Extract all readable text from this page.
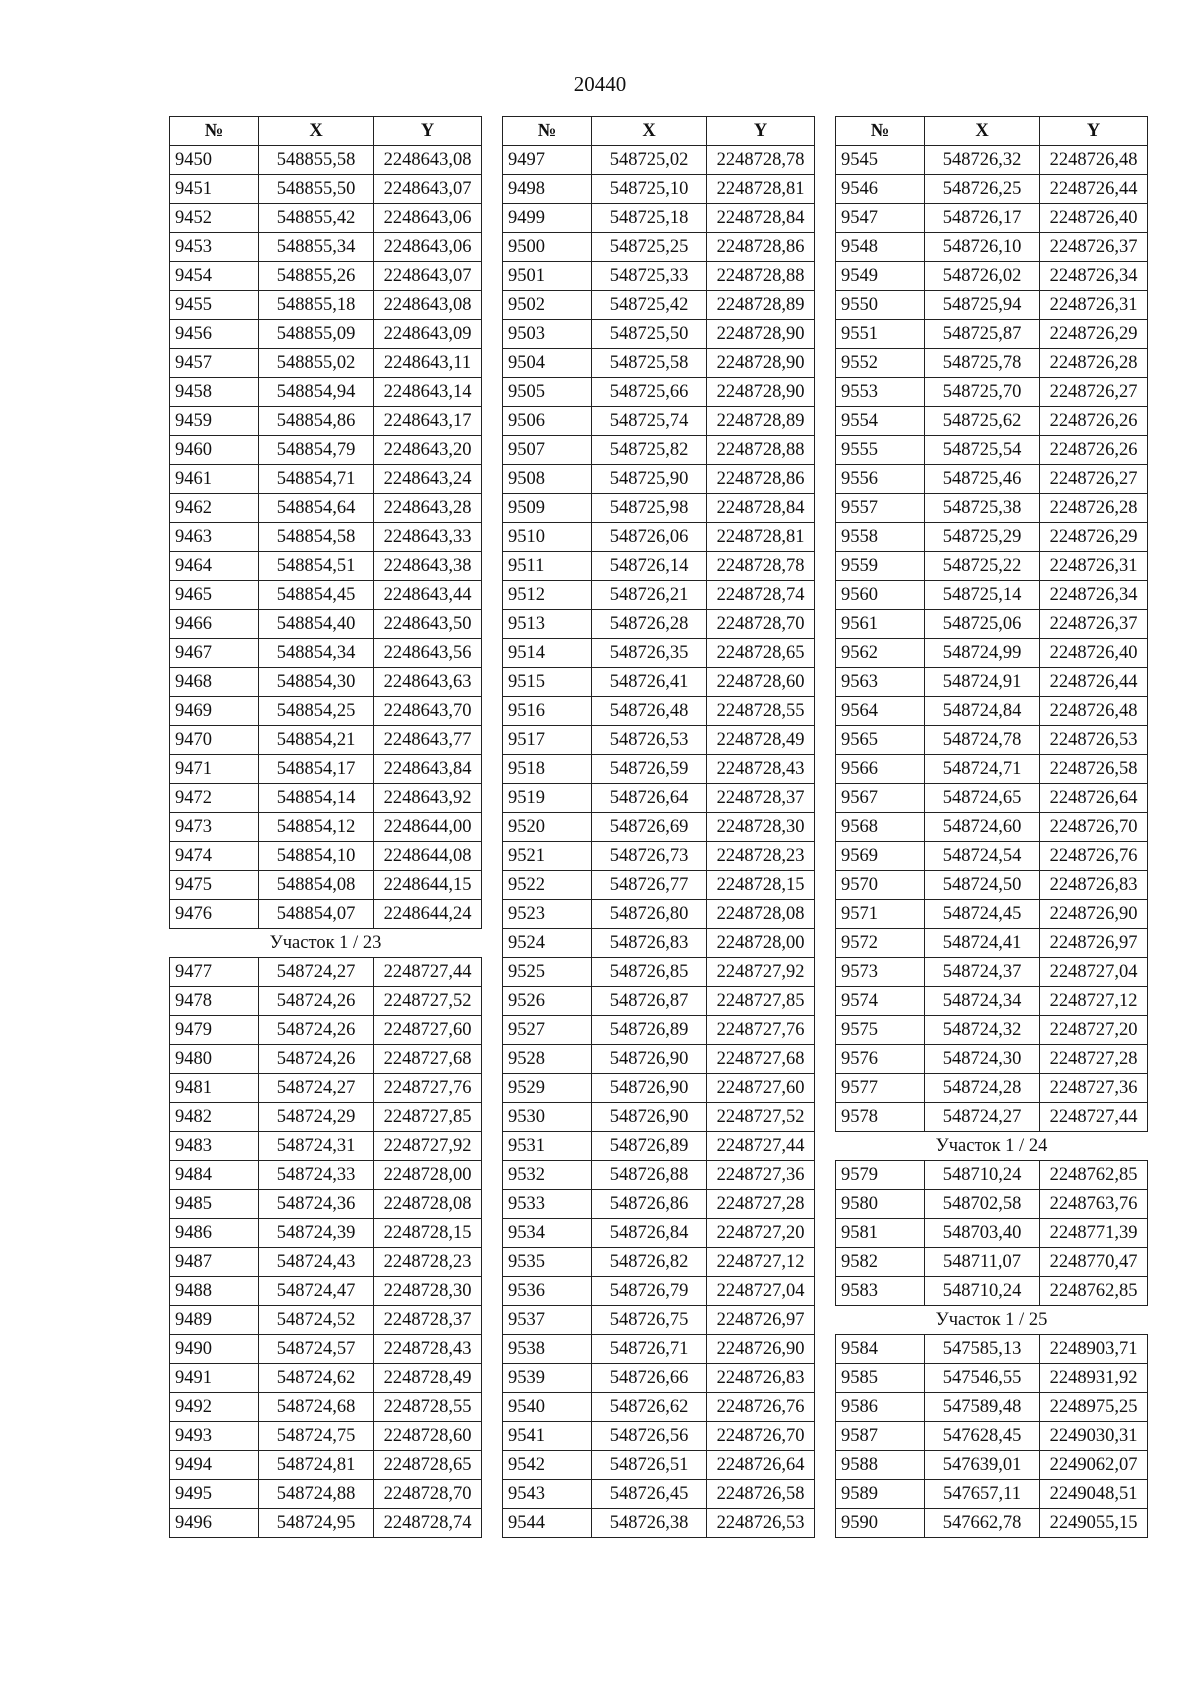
20440
№	X	Y
9450	548855,58	2248643,08
9451	548855,50	2248643,07
9452	548855,42	2248643,06
9453	548855,34	2248643,06
9454	548855,26	2248643,07
9455	548855,18	2248643,08
9456	548855,09	2248643,09
9457	548855,02	2248643,11
9458	548854,94	2248643,14
9459	548854,86	2248643,17
9460	548854,79	2248643,20
9461	548854,71	2248643,24
9462	548854,64	2248643,28
9463	548854,58	2248643,33
9464	548854,51	2248643,38
9465	548854,45	2248643,44
9466	548854,40	2248643,50
9467	548854,34	2248643,56
9468	548854,30	2248643,63
9469	548854,25	2248643,70
9470	548854,21	2248643,77
9471	548854,17	2248643,84
9472	548854,14	2248643,92
9473	548854,12	2248644,00
9474	548854,10	2248644,08
9475	548854,08	2248644,15
9476	548854,07	2248644,24
Участок 1 / 23		
9477	548724,27	2248727,44
9478	548724,26	2248727,52
9479	548724,26	2248727,60
9480	548724,26	2248727,68
9481	548724,27	2248727,76
9482	548724,29	2248727,85
9483	548724,31	2248727,92
9484	548724,33	2248728,00
9485	548724,36	2248728,08
9486	548724,39	2248728,15
9487	548724,43	2248728,23
9488	548724,47	2248728,30
9489	548724,52	2248728,37
9490	548724,57	2248728,43
9491	548724,62	2248728,49
9492	548724,68	2248728,55
9493	548724,75	2248728,60
9494	548724,81	2248728,65
9495	548724,88	2248728,70
9496	548724,95	2248728,74
№	X	Y
9497	548725,02	2248728,78
9498	548725,10	2248728,81
9499	548725,18	2248728,84
9500	548725,25	2248728,86
9501	548725,33	2248728,88
9502	548725,42	2248728,89
9503	548725,50	2248728,90
9504	548725,58	2248728,90
9505	548725,66	2248728,90
9506	548725,74	2248728,89
9507	548725,82	2248728,88
9508	548725,90	2248728,86
9509	548725,98	2248728,84
9510	548726,06	2248728,81
9511	548726,14	2248728,78
9512	548726,21	2248728,74
9513	548726,28	2248728,70
9514	548726,35	2248728,65
9515	548726,41	2248728,60
9516	548726,48	2248728,55
9517	548726,53	2248728,49
9518	548726,59	2248728,43
9519	548726,64	2248728,37
9520	548726,69	2248728,30
9521	548726,73	2248728,23
9522	548726,77	2248728,15
9523	548726,80	2248728,08
9524	548726,83	2248728,00
9525	548726,85	2248727,92
9526	548726,87	2248727,85
9527	548726,89	2248727,76
9528	548726,90	2248727,68
9529	548726,90	2248727,60
9530	548726,90	2248727,52
9531	548726,89	2248727,44
9532	548726,88	2248727,36
9533	548726,86	2248727,28
9534	548726,84	2248727,20
9535	548726,82	2248727,12
9536	548726,79	2248727,04
9537	548726,75	2248726,97
9538	548726,71	2248726,90
9539	548726,66	2248726,83
9540	548726,62	2248726,76
9541	548726,56	2248726,70
9542	548726,51	2248726,64
9543	548726,45	2248726,58
9544	548726,38	2248726,53
№	X	Y
9545	548726,32	2248726,48
9546	548726,25	2248726,44
9547	548726,17	2248726,40
9548	548726,10	2248726,37
9549	548726,02	2248726,34
9550	548725,94	2248726,31
9551	548725,87	2248726,29
9552	548725,78	2248726,28
9553	548725,70	2248726,27
9554	548725,62	2248726,26
9555	548725,54	2248726,26
9556	548725,46	2248726,27
9557	548725,38	2248726,28
9558	548725,29	2248726,29
9559	548725,22	2248726,31
9560	548725,14	2248726,34
9561	548725,06	2248726,37
9562	548724,99	2248726,40
9563	548724,91	2248726,44
9564	548724,84	2248726,48
9565	548724,78	2248726,53
9566	548724,71	2248726,58
9567	548724,65	2248726,64
9568	548724,60	2248726,70
9569	548724,54	2248726,76
9570	548724,50	2248726,83
9571	548724,45	2248726,90
9572	548724,41	2248726,97
9573	548724,37	2248727,04
9574	548724,34	2248727,12
9575	548724,32	2248727,20
9576	548724,30	2248727,28
9577	548724,28	2248727,36
9578	548724,27	2248727,44
Участок 1 / 24		
9579	548710,24	2248762,85
9580	548702,58	2248763,76
9581	548703,40	2248771,39
9582	548711,07	2248770,47
9583	548710,24	2248762,85
Участок 1 / 25		
9584	547585,13	2248903,71
9585	547546,55	2248931,92
9586	547589,48	2248975,25
9587	547628,45	2249030,31
9588	547639,01	2249062,07
9589	547657,11	2249048,51
9590	547662,78	2249055,15
